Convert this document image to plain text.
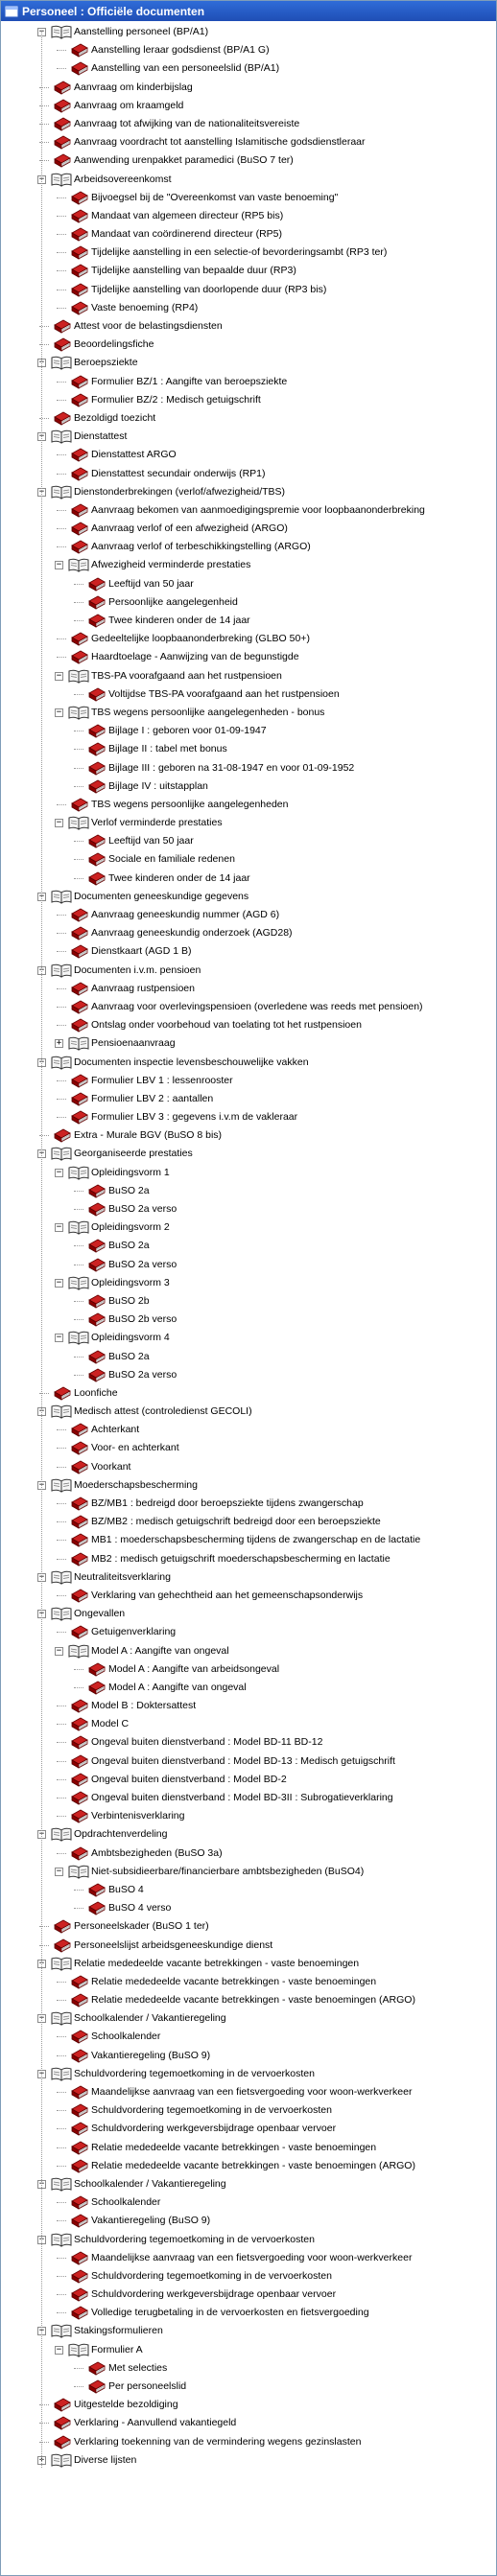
Personeel : Officiële documenten
−	Aanstelling personeel (BP/A1)
Aanstelling leraar godsdienst (BP/A1 G)
Aanstelling van een personeelslid (BP/A1)
Aanvraag om kinderbijslag
Aanvraag om kraamgeld
Aanvraag tot afwijking van de nationaliteitsvereiste
Aanvraag voordracht tot aanstelling Islamitische godsdienstleraar
Aanwending urenpakket paramedici (BuSO 7 ter)
−	Arbeidsovereenkomst
Bijvoegsel bij de "Overeenkomst van vaste benoeming"
Mandaat van algemeen directeur (RP5 bis)
Mandaat van coördinerend directeur (RP5)
Tijdelijke aanstelling in een selectie-of bevorderingsambt (RP3 ter)
Tijdelijke aanstelling van bepaalde duur (RP3)
Tijdelijke aanstelling van doorlopende duur (RP3 bis)
Vaste benoeming (RP4)
Attest voor de belastingsdiensten
Beoordelingsfiche
−	Beroepsziekte
Formulier BZ/1 : Aangifte van beroepsziekte
Formulier BZ/2 : Medisch getuigschrift
Bezoldigd toezicht
−	Dienstattest
Dienstattest ARGO
Dienstattest secundair onderwijs (RP1)
−	Dienstonderbrekingen (verlof/afwezigheid/TBS)
Aanvraag bekomen van aanmoedigingspremie voor loopbaanonderbreking
Aanvraag verlof of een afwezigheid (ARGO)
Aanvraag verlof of terbeschikkingstelling (ARGO)
−	Afwezigheid verminderde prestaties
Leeftijd van 50 jaar
Persoonlijke aangelegenheid
Twee kinderen onder de 14 jaar
Gedeeltelijke loopbaanonderbreking (GLBO 50+)
Haardtoelage - Aanwijzing van de begunstigde
−	TBS-PA voorafgaand aan het rustpensioen
Voltijdse TBS-PA voorafgaand aan het rustpensioen
−	TBS wegens persoonlijke aangelegenheden - bonus
Bijlage I : geboren voor 01-09-1947
Bijlage II : tabel met bonus
Bijlage III : geboren na 31-08-1947 en voor 01-09-1952
Bijlage IV : uitstapplan
TBS wegens persoonlijke aangelegenheden
−	Verlof verminderde prestaties
Leeftijd van 50 jaar
Sociale en familiale redenen
Twee kinderen onder de 14 jaar
−	Documenten geneeskundige gegevens
Aanvraag geneeskundig nummer (AGD 6)
Aanvraag geneeskundig onderzoek (AGD28)
Dienstkaart (AGD 1 B)
−	Documenten i.v.m. pensioen
Aanvraag rustpensioen
Aanvraag voor overlevingspensioen (overledene was reeds met pensioen)
Ontslag onder voorbehoud van toelating tot het rustpensioen
+	Pensioenaanvraag
−	Documenten inspectie levensbeschouwelijke vakken
Formulier LBV 1 : lessenrooster
Formulier LBV 2 : aantallen
Formulier LBV 3 : gegevens i.v.m de vakleraar
Extra - Murale BGV (BuSO 8 bis)
−	Georganiseerde prestaties
−	Opleidingsvorm 1
BuSO 2a
BuSO 2a verso
−	Opleidingsvorm 2
BuSO 2a
BuSO 2a verso
−	Opleidingsvorm 3
BuSO 2b
BuSO 2b verso
−	Opleidingsvorm 4
BuSO 2a
BuSO 2a verso
Loonfiche
−	Medisch attest (controledienst GECOLI)
Achterkant
Voor- en achterkant
Voorkant
−	Moederschapsbescherming
BZ/MB1 : bedreigd door beroepsziekte tijdens zwangerschap
BZ/MB2 : medisch getuigschrift bedreigd door een beroepsziekte
MB1 : moederschapsbescherming tijdens de zwangerschap en de lactatie
MB2 : medisch getuigschrift moederschapsbescherming en lactatie
−	Neutraliteitsverklaring
Verklaring van gehechtheid aan het gemeenschapsonderwijs
−	Ongevallen
Getuigenverklaring
−	Model A : Aangifte van ongeval
Model A : Aangifte van arbeidsongeval
Model A : Aangifte van ongeval
Model B : Doktersattest
Model C
Ongeval buiten dienstverband : Model BD-11 BD-12
Ongeval buiten dienstverband : Model BD-13 : Medisch getuigschrift
Ongeval buiten dienstverband : Model BD-2
Ongeval buiten dienstverband : Model BD-3II : Subrogatieverklaring
Verbintenisverklaring
−	Opdrachtenverdeling
Ambtsbezigheden (BuSO 3a)
−	Niet-subsidieerbare/financierbare ambtsbezigheden (BuSO4)
BuSO 4
BuSO 4 verso
Personeelskader (BuSO 1 ter)
Personeelslijst arbeidsgeneeskundige dienst
−	Relatie mededeelde vacante betrekkingen - vaste benoemingen
Relatie mededeelde vacante betrekkingen - vaste benoemingen
Relatie mededeelde vacante betrekkingen - vaste benoemingen (ARGO)
−	Schoolkalender / Vakantieregeling
Schoolkalender
Vakantieregeling (BuSO 9)
−	Schuldvordering tegemoetkoming in de vervoerkosten
Maandelijkse aanvraag van een fietsvergoeding voor woon-werkverkeer
Schuldvordering tegemoetkoming in de vervoerkosten
Schuldvordering werkgeversbijdrage openbaar vervoer
Relatie mededeelde vacante betrekkingen - vaste benoemingen
Relatie mededeelde vacante betrekkingen - vaste benoemingen (ARGO)
−	Schoolkalender / Vakantieregeling
Schoolkalender
Vakantieregeling (BuSO 9)
−	Schuldvordering tegemoetkoming in de vervoerkosten
Maandelijkse aanvraag van een fietsvergoeding voor woon-werkverkeer
Schuldvordering tegemoetkoming in de vervoerkosten
Schuldvordering werkgeversbijdrage openbaar vervoer
Volledige terugbetaling in de vervoerkosten en fietsvergoeding
−	Stakingsformulieren
−	Formulier A
Met selecties
Per personeelslid
Uitgestelde bezoldiging
Verklaring - Aanvullend vakantiegeld
Verklaring toekenning van de vermindering wegens gezinslasten
+	Diverse lijsten
